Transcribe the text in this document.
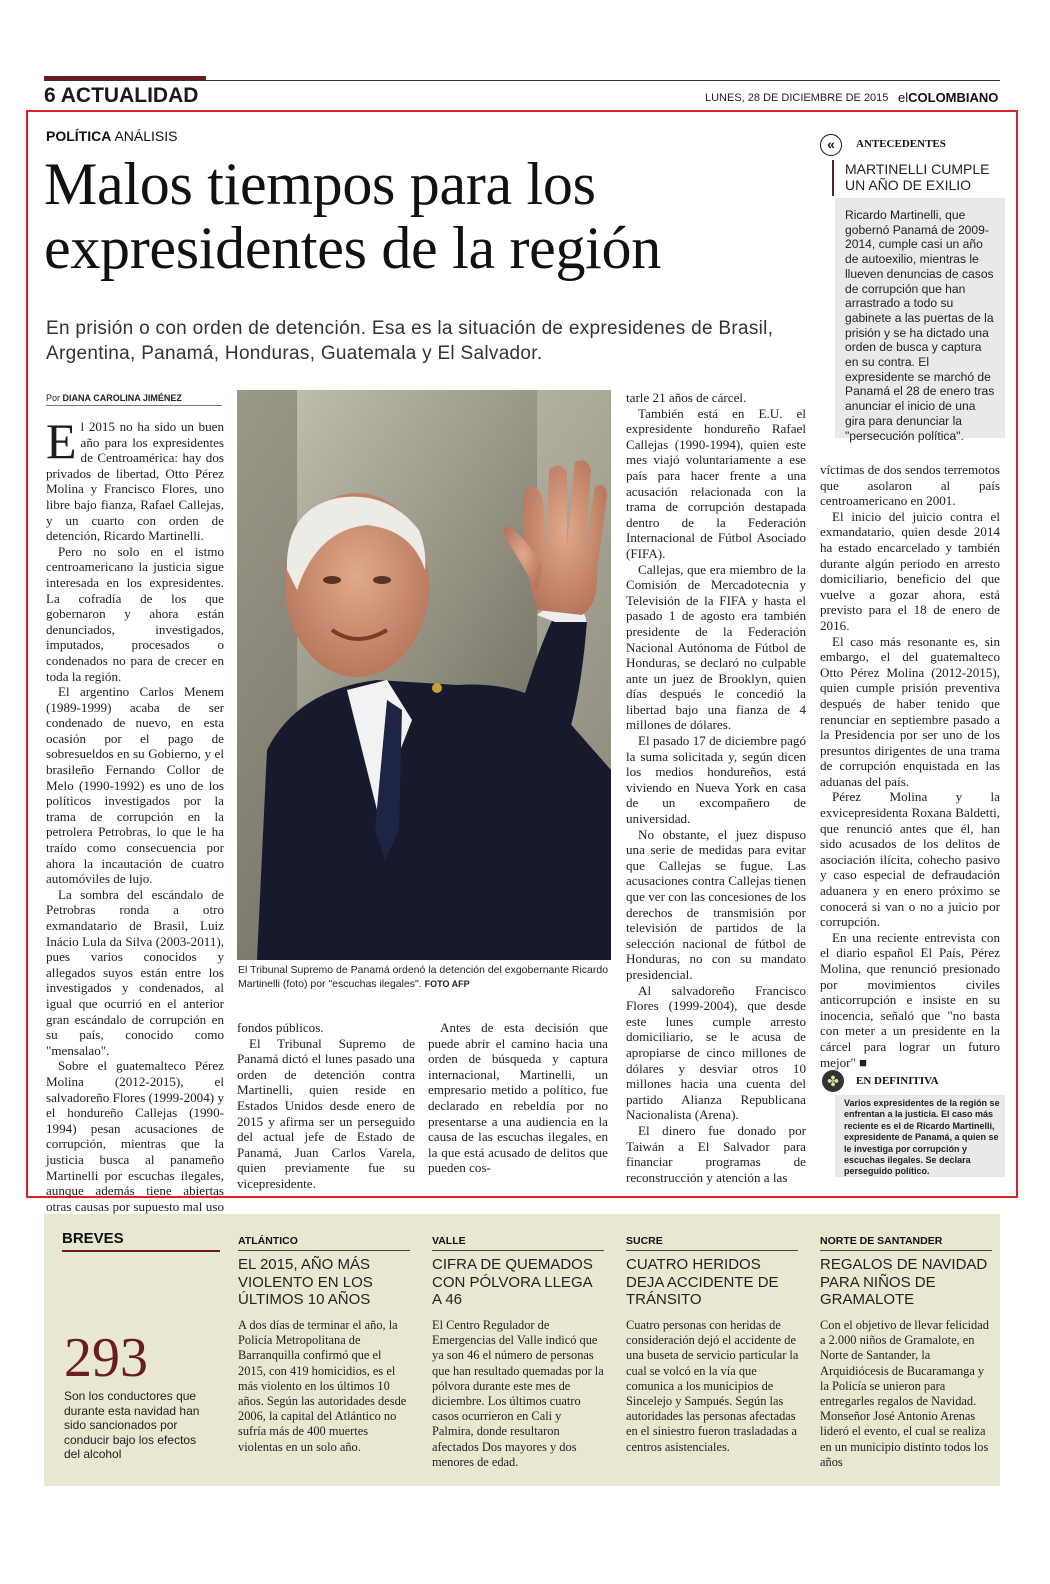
6 ACTUALIDAD	LUNES, 28 DE DICIEMBRE DE 2015 elCOLOMBIANO
POLÍTICA ANÁLISIS
Malos tiempos para los expresidentes de la región
En prisión o con orden de detención. Esa es la situación de expresidenes de Brasil, Argentina, Panamá, Honduras, Guatemala y El Salvador.
Por DIANA CAROLINA JIMÉNEZ

El 2015 no ha sido un buen año para los expresidentes de Centroamérica: hay dos privados de libertad, Otto Pérez Molina y Francisco Flores, uno libre bajo fianza, Rafael Callejas, y un cuarto con orden de detención, Ricardo Martinelli.

Pero no solo en el istmo centroamericano la justicia sigue interesada en los expresidentes. La cofradía de los que gobernaron y ahora están denunciados, investigados, imputados, procesados o condenados no para de crecer en toda la región.

El argentino Carlos Menem (1989-1999) acaba de ser condenado de nuevo, en esta ocasión por el pago de sobresueldos en su Gobierno, y el brasileño Fernando Collor de Melo (1990-1992) es uno de los políticos investigados por la trama de corrupción en la petrolera Petrobras, lo que le ha traído como consecuencia por ahora la incautación de cuatro automóviles de lujo.

La sombra del escándalo de Petrobras ronda a otro exmandatario de Brasil, Luiz Inácio Lula da Silva (2003-2011), pues varios conocidos y allegados suyos están entre los investigados y condenados, al igual que ocurrió en el anterior gran escándalo de corrupción en su país, conocido como "mensalao".

Sobre el guatemalteco Pérez Molina (2012-2015), el salvadoreño Flores (1999-2004) y el hondureño Callejas (1990-1994) pesan acusaciones de corrupción, mientras que la justicia busca al panameño Martinelli por escuchas ilegales, aunque además tiene abiertas otras causas por supuesto mal uso

El Tribunal Supremo de Panamá ordenó la detención del exgobernante Ricardo Martinelli (foto) por "escuchas ilegales". FOTO AFP

fondos públicos.

El Tribunal Supremo de Panamá dictó el lunes pasado una orden de detención contra Martinelli, quien reside en Estados Unidos desde enero de 2015 y afirma ser un perseguido del actual jefe de Estado de Panamá, Juan Carlos Varela, quien previamente fue su vicepresidente.

Antes de esta decisión que puede abrir el camino hacia una orden de búsqueda y captura internacional, Martinelli, un empresario metido a político, fue declarado en rebeldía por no presentarse a una audiencia en la causa de las escuchas ilegales, en la que está acusado de delitos que pueden cos-

tarle 21 años de cárcel.

También está en E.U. el expresidente hondureño Rafael Callejas (1990-1994), quien este mes viajó voluntariamente a ese país para hacer frente a una acusación relacionada con la trama de corrupción destapada dentro de la Federación Internacional de Fútbol Asociado (FIFA).

Callejas, que era miembro de la Comisión de Mercadotecnia y Televisión de la FIFA y hasta el pasado 1 de agosto era también presidente de la Federación Nacional Autónoma de Fútbol de Honduras, se declaró no culpable ante un juez de Brooklyn, quien días después le concedió la libertad bajo una fianza de 4 millones de dólares.

El pasado 17 de diciembre pagó la suma solicitada y, según dicen los medios hondureños, está viviendo en Nueva York en casa de un excompañero de universidad.

No obstante, el juez dispuso una serie de medidas para evitar que Callejas se fugue. Las acusaciones contra Callejas tienen que ver con las concesiones de los derechos de transmisión por televisión de partidos de la selección nacional de fútbol de Honduras, no con su mandato presidencial.

Al salvadoreño Francisco Flores (1999-2004), que desde este lunes cumple arresto domiciliario, se le acusa de apropiarse de cinco millones de dólares y desviar otros 10 millones hacia una cuenta del partido Alianza Republicana Nacionalista (Arena).

El dinero fue donado por Taiwán a El Salvador para financiar programas de reconstrucción y atención a las

«	ANTECEDENTES
MARTINELLI CUMPLE UN AÑO DE EXILIO
Ricardo Martinelli, que gobernó Panamá de 2009-2014, cumple casi un año de autoexilio, mientras le llueven denuncias de casos de corrupción que han arrastrado a todo su gabinete a las puertas de la prisión y se ha dictado una orden de busca y captura en su contra. El expresidente se marchó de Panamá el 28 de enero tras anunciar el inicio de una gira para denunciar la "persecución política".

víctimas de dos sendos terremotos que asolaron al país centroamericano en 2001.

El inicio del juicio contra el exmandatario, quien desde 2014 ha estado encarcelado y también durante algún periodo en arresto domiciliario, beneficio del que vuelve a gozar ahora, está previsto para el 18 de enero de 2016.

El caso más resonante es, sin embargo, el del guatemalteco Otto Pérez Molina (2012-2015), quien cumple prisión preventiva después de haber tenido que renunciar en septiembre pasado a la Presidencia por ser uno de los presuntos dirigentes de una trama de corrupción enquistada en las aduanas del país.

Pérez Molina y la exvicepresidenta Roxana Baldetti, que renunció antes que él, han sido acusados de los delitos de asociación ilícita, cohecho pasivo y caso especial de defraudación aduanera y en enero próximo se conocerá si van o no a juicio por corrupción.

En una reciente entrevista con el diario español El País, Pérez Molina, que renunció presionado por movimientos civiles anticorrupción e insiste en su inocencia, señaló que "no basta con meter a un presidente en la cárcel para lograr un futuro mejor" ■

✤	EN DEFINITIVA
Varios expresidentes de la región se enfrentan a la justicia. El caso más reciente es el de Ricardo Martinelli, expresidente de Panamá, a quien se le investiga por corrupción y escuchas ilegales. Se declara perseguido político.
BREVES
293
Son los conductores que durante esta navidad han sido sancionados por conducir bajo los efectos del alcohol
ATLÁNTICO
EL 2015, AÑO MÁS VIOLENTO EN LOS ÚLTIMOS 10 AÑOS
A dos días de terminar el año, la Policía Metropolitana de Barranquilla confirmó que el 2015, con 419 homicidios, es el más violento en los últimos 10 años. Según las autoridades desde 2006, la capital del Atlántico no sufría más de 400 muertes violentas en un solo año.
VALLE
CIFRA DE QUEMADOS CON PÓLVORA LLEGA A 46
El Centro Regulador de Emergencias del Valle indicó que ya son 46 el número de personas que han resultado quemadas por la pólvora durante este mes de diciembre. Los últimos cuatro casos ocurrieron en Cali y Palmira, donde resultaron afectados Dos mayores y dos menores de edad.
SUCRE
CUATRO HERIDOS DEJA ACCIDENTE DE TRÁNSITO
Cuatro personas con heridas de consideración dejó el accidente de una buseta de servicio particular la cual se volcó en la vía que comunica a los municipios de Sincelejo y Sampués. Según las autoridades las personas afectadas en el siniestro fueron trasladadas a centros asistenciales.
NORTE DE SANTANDER
REGALOS DE NAVIDAD PARA NIÑOS DE GRAMALOTE
Con el objetivo de llevar felicidad a 2.000 niños de Gramalote, en Norte de Santander, la Arquidiócesis de Bucaramanga y la Policía se unieron para entregarles regalos de Navidad. Monseñor José Antonio Arenas lideró el evento, el cual se realiza en un municipio distinto todos los años
